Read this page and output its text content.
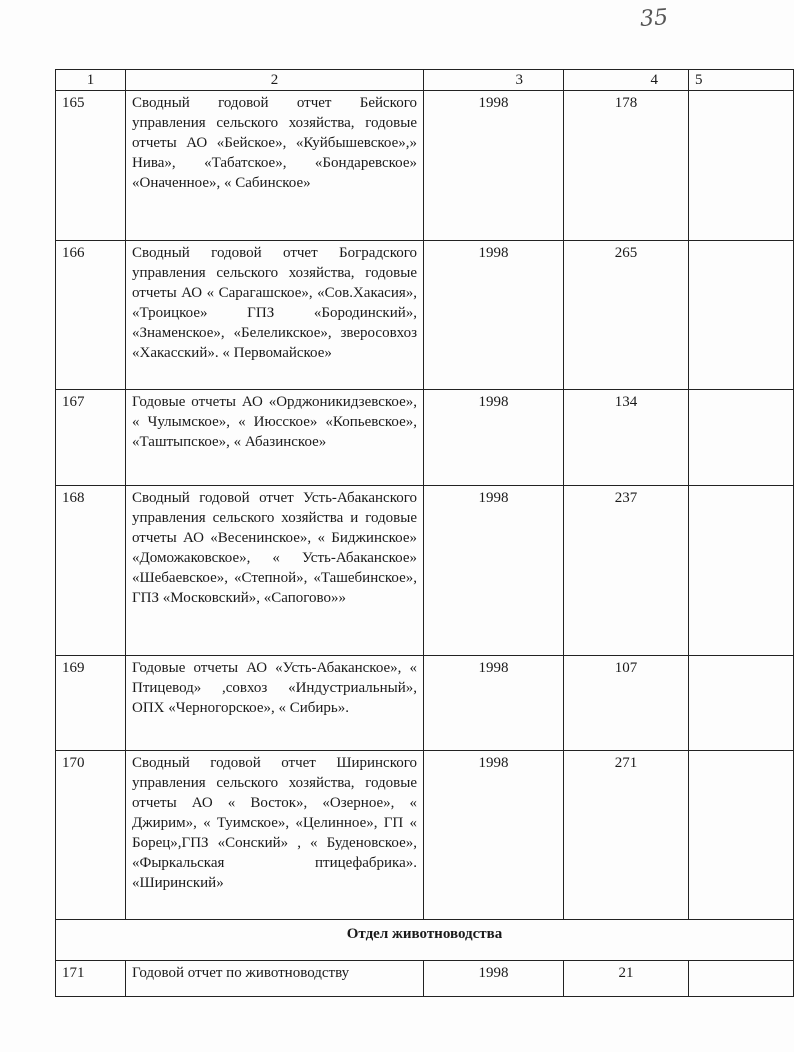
35
1	2	3	4	5
165	Сводный годовой отчет Бейского управления сельского хозяйства, годовые отчеты АО «Бейское», «Куйбышевское»,» Нива», «Табатское», «Бондаревское» «Оначенное», « Сабинское»	1998	178	
166	Сводный годовой отчет Боградского управления сельского хозяйства, годовые отчеты АО « Сарагашское», «Сов.Хакасия», «Троицкое» ГПЗ «Бородинский», «Знаменское», «Белеликское», зверосовхоз «Хакасский». « Первомайское»	1998	265	
167	Годовые отчеты АО «Орджоникидзевское», « Чулымское», « Июсское» «Копьевское», «Таштыпское», « Абазинское»	1998	134	
168	Сводный годовой отчет Усть-Абаканского управления сельского хозяйства и годовые отчеты АО «Весенинское», « Биджинское» «Доможаковское», « Усть-Абаканское» «Шебаевское», «Степной», «Ташебинское», ГПЗ «Московский», «Сапогово»»	1998	237	
169	Годовые отчеты АО «Усть-Абаканское», « Птицевод» ,совхоз «Индустриальный», ОПХ «Черногорское», « Сибирь».	1998	107	
170	Сводный годовой отчет Ширинского управления сельского хозяйства, годовые отчеты АО « Восток», «Озерное», « Джирим», « Туимское», «Целинное», ГП « Борец»,ГПЗ «Сонский» , « Буденовское», «Фыркальская птицефабрика». «Ширинский»	1998	271	
Отдел животноводства				
171	Годовой отчет по животноводству	1998	21	
